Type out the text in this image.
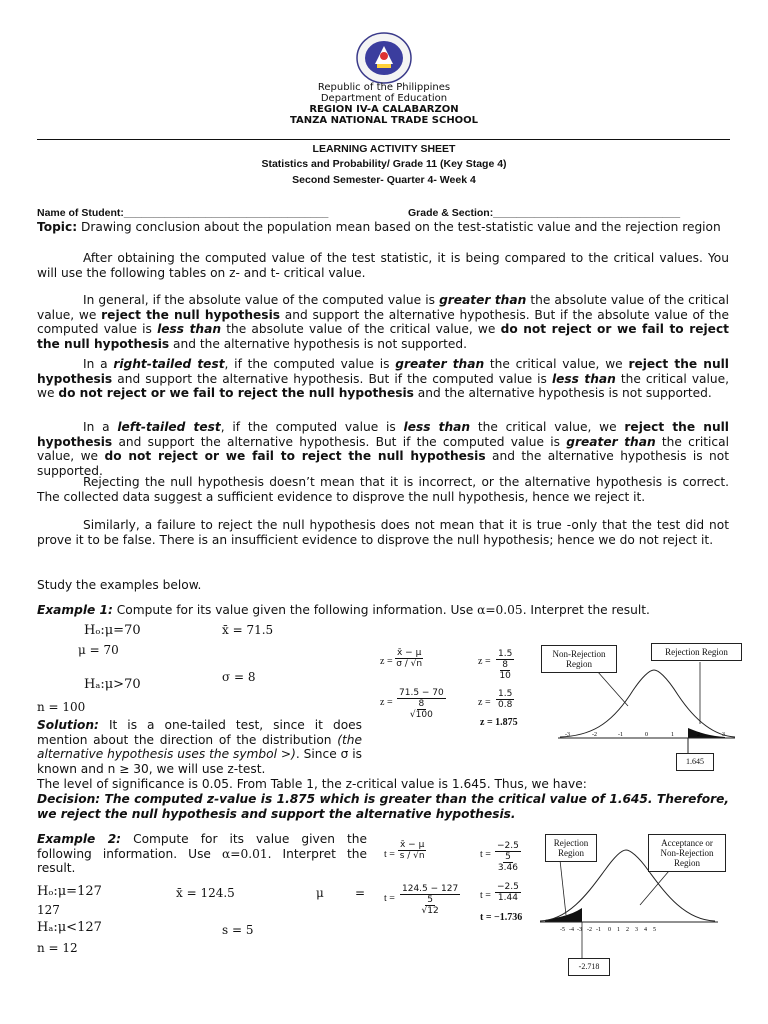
Republic of the Philippines
Department of Education
REGION IV-A CALABARZON
TANZA NATIONAL TRADE SCHOOL
LEARNING ACTIVITY SHEET
Statistics and Probability/ Grade 11 (Key Stage 4)
Second Semester- Quarter 4- Week 4
Name of Student:___________________________________	Grade & Section:________________________________

Topic: Drawing conclusion about the population mean based on the test-statistic value and the rejection region

After obtaining the computed value of the test statistic, it is being compared to the critical values. You will use the following tables on z- and t- critical value.

In general, if the absolute value of the computed value is greater than the absolute value of the critical value, we reject the null hypothesis and support the alternative hypothesis. But if the absolute value of the computed value is less than the absolute value of the critical value, we do not reject or we fail to reject the null hypothesis and the alternative hypothesis is not supported.

In a right-tailed test, if the computed value is greater than the critical value, we reject the null hypothesis and support the alternative hypothesis. But if the computed value is less than the critical value, we do not reject or we fail to reject the null hypothesis and the alternative hypothesis is not supported.

In a left-tailed test, if the computed value is less than the critical value, we reject the null hypothesis and support the alternative hypothesis. But if the computed value is greater than the critical value, we do not reject or we fail to reject the null hypothesis and the alternative hypothesis is not supported.

Rejecting the null hypothesis doesn’t mean that it is incorrect, or the alternative hypothesis is correct. The collected data suggest a sufficient evidence to disprove the null hypothesis, hence we reject it.

Similarly, a failure to reject the null hypothesis does not mean that it is true -only that the test did not prove it to be false. There is an insufficient evidence to disprove the null hypothesis; hence we do not reject it.

Study the examples below.
Example 1: Compute for its value given the following information. Use α=0.05. Interpret the result.
Hₒ:μ=70	x̄ = 71.5
μ = 70
Hₐ:μ>70	σ = 8
n = 100
$z = \frac{x̄ - \mu}{\sigma / √n}$
$z = \frac{71.5 - 70}{\frac{8}{√100}}$
$z = \frac{1.5}{\frac{8}{10}}$
$z = \frac{1.5}{0.8}$
z = 1.875
-3	-2	-1	0	1	2	3
Non-Rejection Region
Rejection Region
1.645
Solution: It is a one-tailed test, since it does mention about the direction of the distribution (the alternative hypothesis uses the symbol >). Since σ is known and n ≥ 30, we will use z-test.
The level of significance is 0.05. From Table 1, the z-critical value is 1.645. Thus, we have:
Decision: The computed z-value is 1.875 which is greater than the critical value of 1.645. Therefore, we reject the null hypothesis and support the alternative hypothesis.
Example 2: Compute for its value given the following information. Use α=0.01. Interpret the result.
Hₒ:μ=127	x̄ = 124.5	μ	=
127
Hₐ:μ<127	s = 5
n = 12
$t = \frac{x̄ - \mu}{s / √n}$
$t = \frac{124.5 - 127}{\frac{5}{√12}}$
$t = \frac{-2.5}{\frac{5}{3.46}}$
$t = \frac{-2.5}{1.44}$
t = −1.736
-5 -4 -3 -2 -1 0 1 2 3 4 5
Rejection Region
Acceptance or Non-Rejection Region
-2.718
